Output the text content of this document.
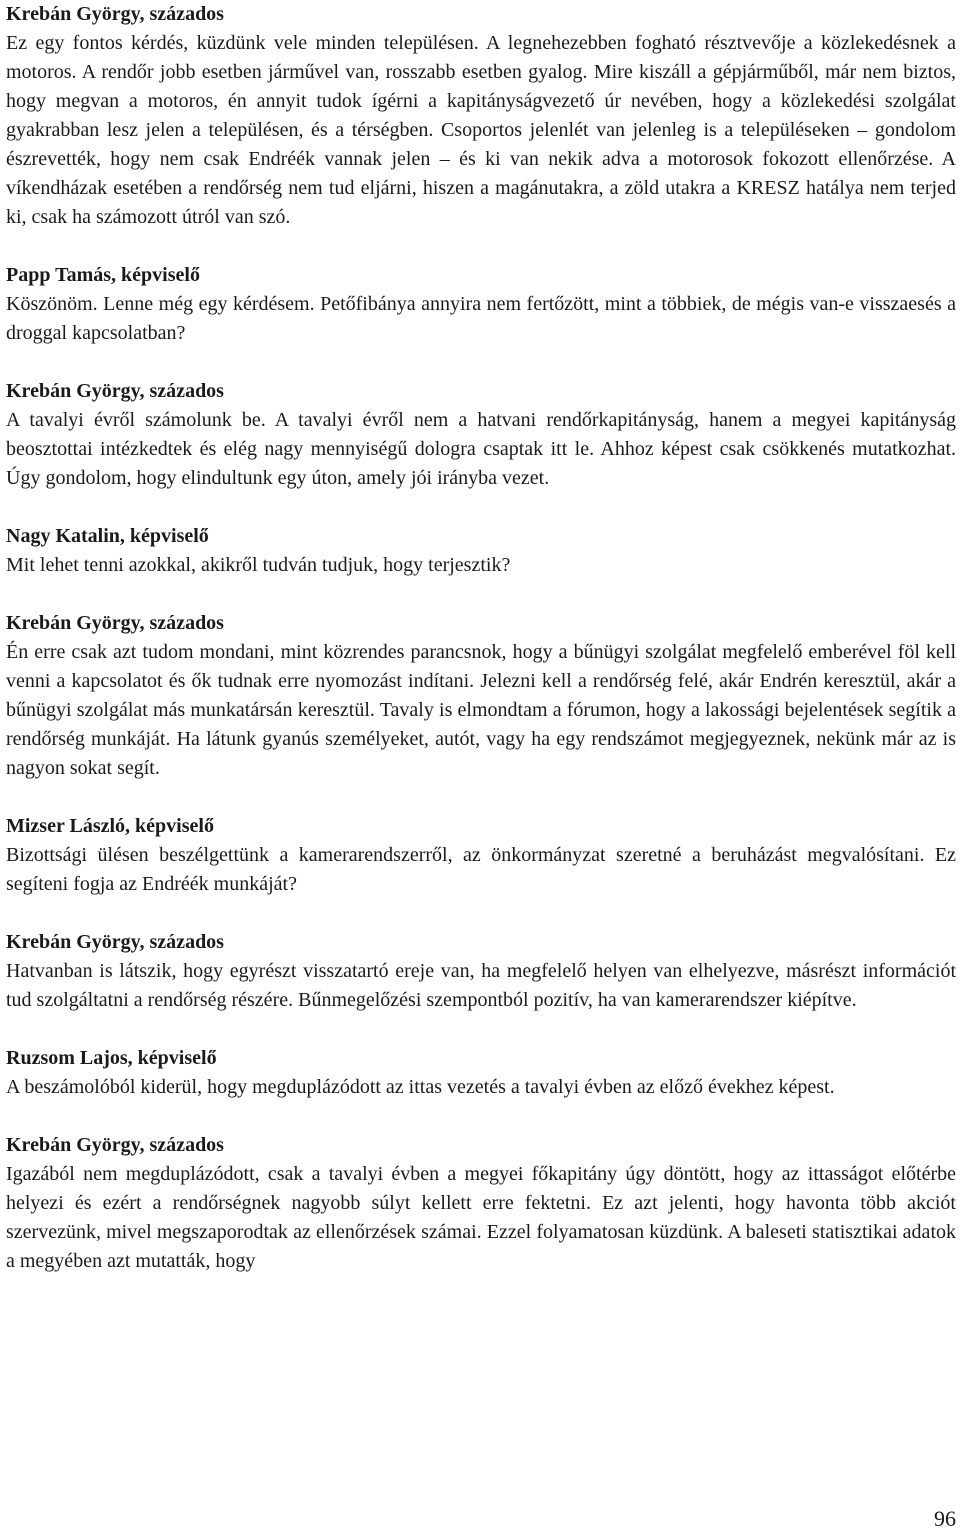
Krebán György, százados

Ez egy fontos kérdés, küzdünk vele minden településen. A legnehezebben fogható résztvevője a közlekedésnek a motoros. A rendőr jobb esetben járművel van, rosszabb esetben gyalog. Mire kiszáll a gépjárműből, már nem biztos, hogy megvan a motoros, én annyit tudok ígérni a kapitányságvezető úr nevében, hogy a közlekedési szolgálat gyakrabban lesz jelen a településen, és a térségben. Csoportos jelenlét van jelenleg is a településeken – gondolom észrevették, hogy nem csak Endréék vannak jelen – és ki van nekik adva a motorosok fokozott ellenőrzése. A víkendházak esetében a rendőrség nem tud eljárni, hiszen a magánutakra, a zöld utakra a KRESZ hatálya nem terjed ki, csak ha számozott útról van szó.

Papp Tamás, képviselő

Köszönöm. Lenne még egy kérdésem. Petőfibánya annyira nem fertőzött, mint a többiek, de mégis van-e visszaesés a droggal kapcsolatban?

Krebán György, százados

A tavalyi évről számolunk be. A tavalyi évről nem a hatvani rendőrkapitányság, hanem a megyei kapitányság beosztottai intézkedtek és elég nagy mennyiségű dologra csaptak itt le. Ahhoz képest csak csökkenés mutatkozhat. Úgy gondolom, hogy elindultunk egy úton, amely jói irányba vezet.

Nagy Katalin, képviselő

Mit lehet tenni azokkal, akikről tudván tudjuk, hogy terjesztik?

Krebán György, százados

Én erre csak azt tudom mondani, mint közrendes parancsnok, hogy a bűnügyi szolgálat megfelelő emberével föl kell venni a kapcsolatot és ők tudnak erre nyomozást indítani. Jelezni kell a rendőrség felé, akár Endrén keresztül, akár a bűnügyi szolgálat más munkatársán keresztül. Tavaly is elmondtam a fórumon, hogy a lakossági bejelentések segítik a rendőrség munkáját. Ha látunk gyanús személyeket, autót, vagy ha egy rendszámot megjegyeznek, nekünk már az is nagyon sokat segít.

Mizser László, képviselő

Bizottsági ülésen beszélgettünk a kamerarendszerről, az önkormányzat szeretné a beruházást megvalósítani. Ez segíteni fogja az Endréék munkáját?

Krebán György, százados

Hatvanban is látszik, hogy egyrészt visszatartó ereje van, ha megfelelő helyen van elhelyezve, másrészt információt tud szolgáltatni a rendőrség részére. Bűnmegelőzési szempontból pozitív, ha van kamerarendszer kiépítve.

Ruzsom Lajos, képviselő

A beszámolóból kiderül, hogy megduplázódott az ittas vezetés a tavalyi évben az előző évekhez képest.

Krebán György, százados

Igazából nem megduplázódott, csak a tavalyi évben a megyei főkapitány úgy döntött, hogy az ittasságot előtérbe helyezi és ezért a rendőrségnek nagyobb súlyt kellett erre fektetni. Ez azt jelenti, hogy havonta több akciót szervezünk, mivel megszaporodtak az ellenőrzések számai. Ezzel folyamatosan küzdünk. A baleseti statisztikai adatok a megyében azt mutatták, hogy

96
